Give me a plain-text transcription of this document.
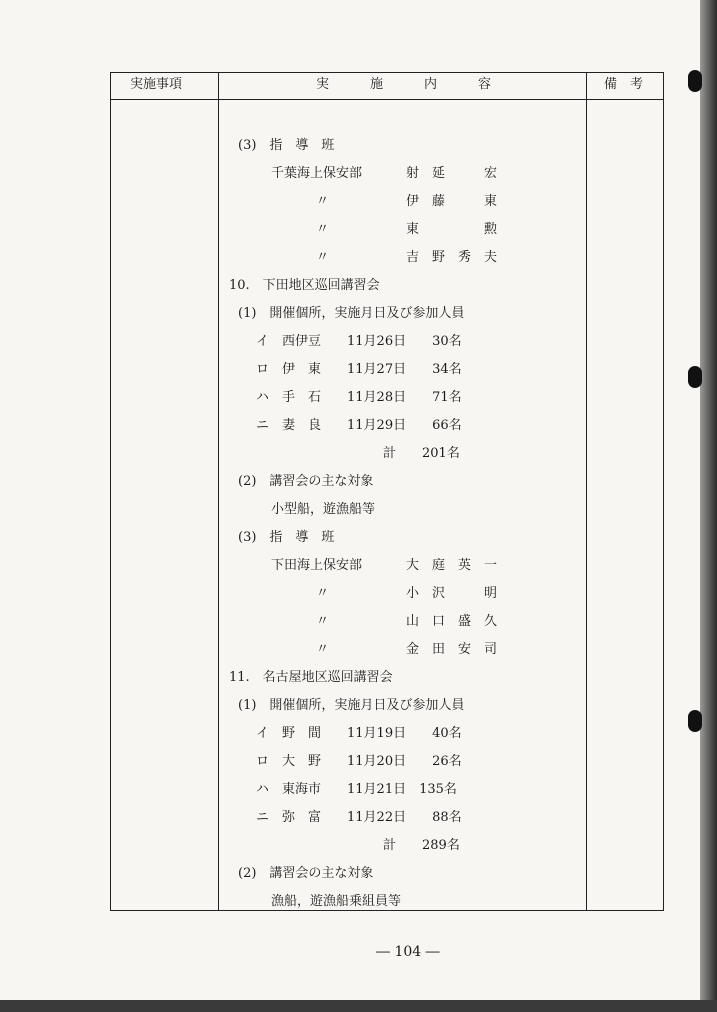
実施事項	実　施　内　容	備　考
(3)　指　導　班
千葉海上保安部	射　延　　　宏
〃	伊　藤　　　東
〃	東　　　　　勲
〃	吉　野　秀　夫
10.　下田地区巡回講習会
(1)　開催個所，実施月日及び参加人員
イ　西伊豆　　11月26日　　30名
ロ　伊　東　　11月27日　　34名
ハ　手　石　　11月28日　　71名
ニ　妻　良　　11月29日　　66名
計　　201名
(2)　講習会の主な対象
小型船，遊漁船等
(3)　指　導　班
下田海上保安部	大　庭　英　一
〃	小　沢　　　明
〃	山　口　盛　久
〃	金　田　安　司
11.　名古屋地区巡回講習会
(1)　開催個所，実施月日及び参加人員
イ　野　間　　11月19日　　40名
ロ　大　野　　11月20日　　26名
ハ　東海市　　11月21日　135名
ニ　弥　富　　11月22日　　88名
計　　289名
(2)　講習会の主な対象
漁船，遊漁船乗組員等
― 104 ―
